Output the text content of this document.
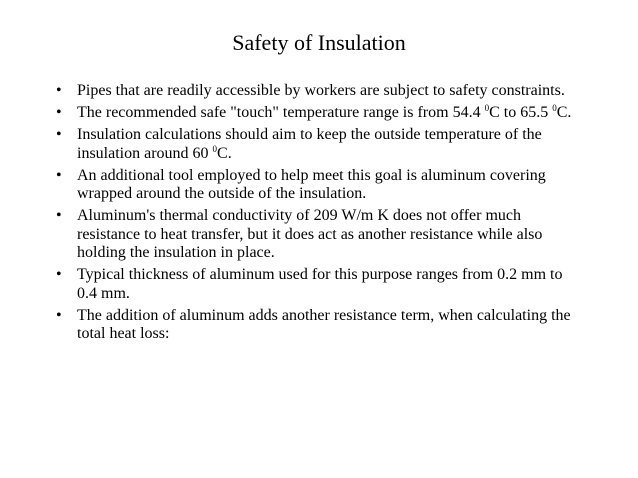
Safety of Insulation
• Pipes that are readily accessible by workers are subject to safety constraints.
• The recommended safe "touch" temperature range is from 54.4 $^0$C to 65.5 $^0$C.
• Insulation calculations should aim to keep the outside temperature of the insulation around 60 $^0$C.
• An additional tool employed to help meet this goal is aluminum covering wrapped around the outside of the insulation.
• Aluminum's thermal conductivity of 209 W/m K does not offer much resistance to heat transfer, but it does act as another resistance while also holding the insulation in place.
• Typical thickness of aluminum used for this purpose ranges from 0.2 mm to 0.4 mm.
• The addition of aluminum adds another resistance term, when calculating the total heat loss:
